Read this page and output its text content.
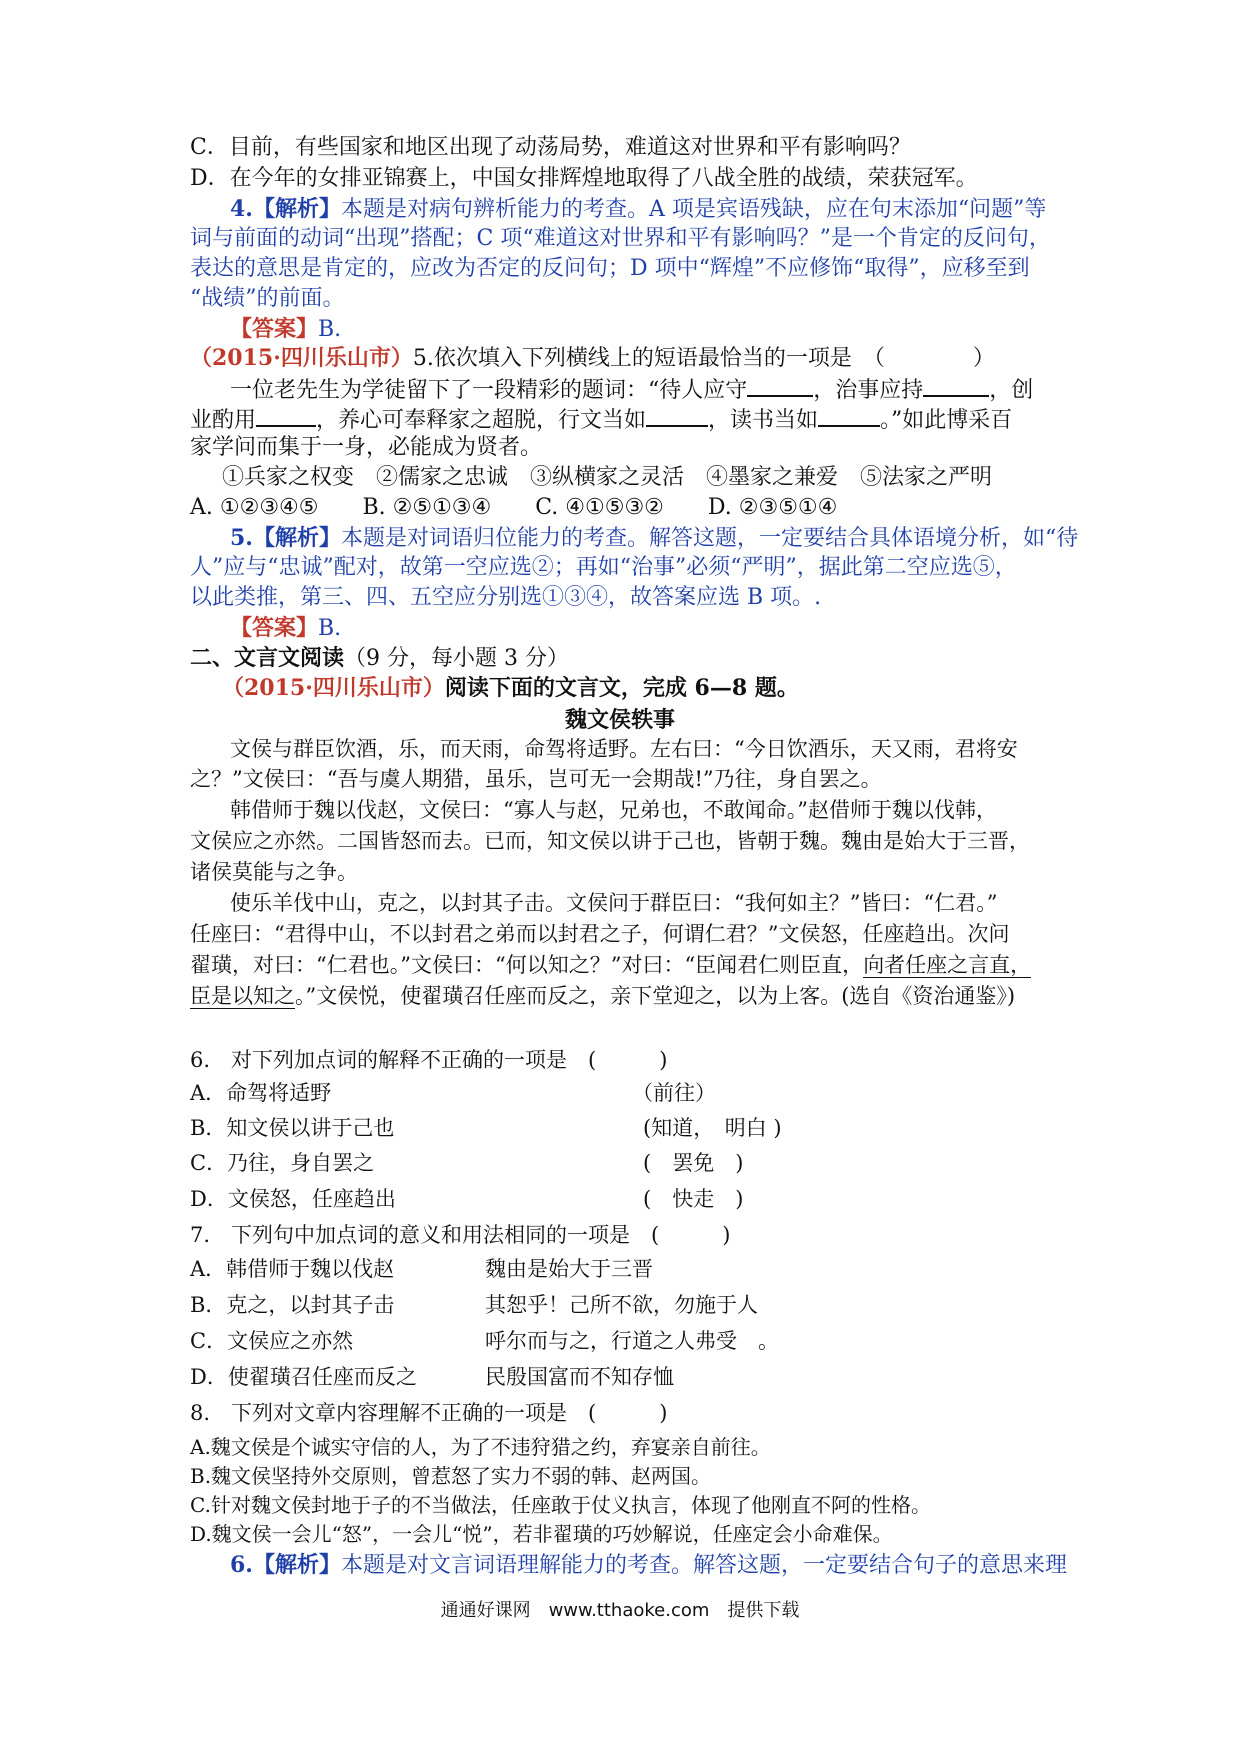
C．目前，有些国家和地区出现了动荡局势，难道这对世界和平有影响吗？
D．在今年的女排亚锦赛上，中国女排辉煌地取得了八战全胜的战绩，荣获冠军。
4.【解析】本题是对病句辨析能力的考查。A 项是宾语残缺，应在句末添加“问题”等
词与前面的动词“出现”搭配；C 项“难道这对世界和平有影响吗？”是一个肯定的反问句，
表达的意思是肯定的，应改为否定的反问句；D 项中“辉煌”不应修饰“取得”，应移至到
“战绩”的前面。
【答案】B.
（2015·四川乐山市）5.依次填入下列横线上的短语最恰当的一项是　（　　　　）
一位老先生为学徒留下了一段精彩的题词：“待人应守	，治事应持	，创
业酌用	，养心可奉释家之超脱，行文当如	，读书当如	。”如此博采百
家学问而集于一身，必能成为贤者。
①兵家之权变　②儒家之忠诚　③纵横家之灵活　④墨家之兼爱　⑤法家之严明
A. ①②③④⑤　　B. ②⑤①③④　　C. ④①⑤③②　　D. ②③⑤①④
5.【解析】本题是对词语归位能力的考查。解答这题，一定要结合具体语境分析，如“待
人”应与“忠诚”配对，故第一空应选②；再如“治事”必须“严明”，据此第二空应选⑤，
以此类推，第三、四、五空应分别选①③④，故答案应选 B 项。.
【答案】B.
二、文言文阅读（9 分，每小题 3 分）
（2015·四川乐山市）阅读下面的文言文，完成 6—8 题。
魏文侯轶事
文侯与群臣饮酒，乐，而天雨，命驾将适野。左右曰：“今日饮酒乐，天又雨，君将安
之？”文侯曰：“吾与虞人期猎，虽乐，岂可无一会期哉!”乃往，身自罢之。
韩借师于魏以伐赵，文侯曰：“寡人与赵，兄弟也，不敢闻命。”赵借师于魏以伐韩，
文侯应之亦然。二国皆怒而去。已而，知文侯以讲于己也，皆朝于魏。魏由是始大于三晋，
诸侯莫能与之争。
使乐羊伐中山，克之，以封其子击。文侯问于群臣曰：“我何如主？”皆曰：“仁君。”
任座曰：“君得中山，不以封君之弟而以封君之子，何谓仁君？”文侯怒，任座趋出。次问
翟璜，对曰：“仁君也。”文侯曰：“何以知之？”对曰：“臣闻君仁则臣直，向者任座之言直，
臣是以知之。”文侯悦，使翟璜召任座而反之，亲下堂迎之，以为上客。(选自《资治通鉴》)
6.　对下列加点词的解释不正确的一项是　(　　　)
A．命驾将适野	（前往）
B．知文侯以讲于己也	(知道，　明白 )
C．乃往，身自罢之	(　罢免　)
D．文侯怒，任座趋出	(　快走　)
7.　下列句中加点词的意义和用法相同的一项是　(　　　)
A．韩借师于魏以伐赵	魏由是始大于三晋
B．克之，以封其子击	其恕乎！己所不欲，勿施于人
C．文侯应之亦然	呼尔而与之，行道之人弗受　。
D．使翟璜召任座而反之	民殷国富而不知存恤
8.　下列对文章内容理解不正确的一项是　(　　　)
A.魏文侯是个诚实守信的人，为了不违狩猎之约，弃宴亲自前往。
B.魏文侯坚持外交原则，曾惹怒了实力不弱的韩、赵两国。
C.针对魏文侯封地于子的不当做法，任座敢于仗义执言，体现了他刚直不阿的性格。
D.魏文侯一会儿“怒”，一会儿“悦”，若非翟璜的巧妙解说，任座定会小命难保。
6.【解析】本题是对文言词语理解能力的考查。解答这题，一定要结合句子的意思来理
通通好课网　www.tthaoke.com　提供下载
